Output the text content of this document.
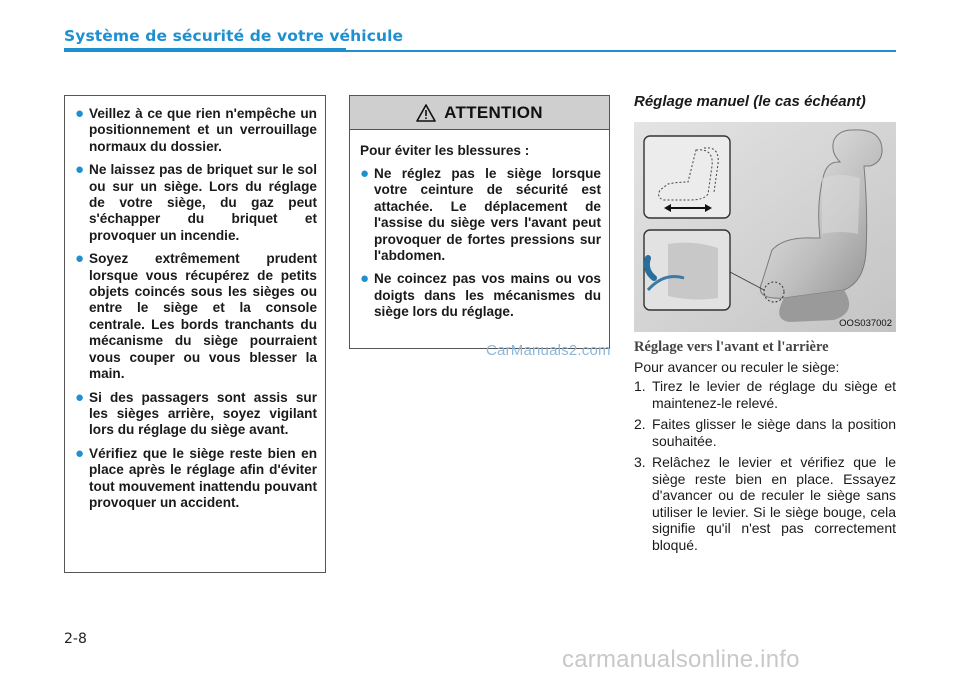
Système de sécurité de votre véhicule
● Veillez à ce que rien n'empêche un positionnement et un verrouillage normaux du dossier.
● Ne laissez pas de briquet sur le sol ou sur un siège. Lors du réglage de votre siège, du gaz peut s'échapper du briquet et provoquer un incendie.
● Soyez extrêmement prudent lorsque vous récupérez de petits objets coincés sous les sièges ou entre le siège et la console centrale. Les bords tranchants du mécanisme du siège pourraient vous couper ou vous blesser la main.
● Si des passagers sont assis sur les sièges arrière, soyez vigilant lors du réglage du siège avant.
● Vérifiez que le siège reste bien en place après le réglage afin d'éviter tout mouvement inattendu pouvant provoquer un accident.
ATTENTION
Pour éviter les blessures :
● Ne réglez pas le siège lorsque votre ceinture de sécurité est attachée. Le déplacement de l'assise du siège vers l'avant peut provoquer de fortes pressions sur l'abdomen.
● Ne coincez pas vos mains ou vos doigts dans les mécanismes du siège lors du réglage.
CarManuals2.com
Réglage manuel (le cas échéant)
OOS037002
Réglage vers l'avant et l'arrière
Pour avancer ou reculer le siège:
1. Tirez le levier de réglage du siège et maintenez-le relevé.
2. Faites glisser le siège dans la position souhaitée.
3. Relâchez le levier et vérifiez que le siège reste bien en place. Essayez d'avancer ou de reculer le siège sans utiliser le levier. Si le siège bouge, cela signifie qu'il n'est pas correctement bloqué.
2-8
carmanualsonline.info
